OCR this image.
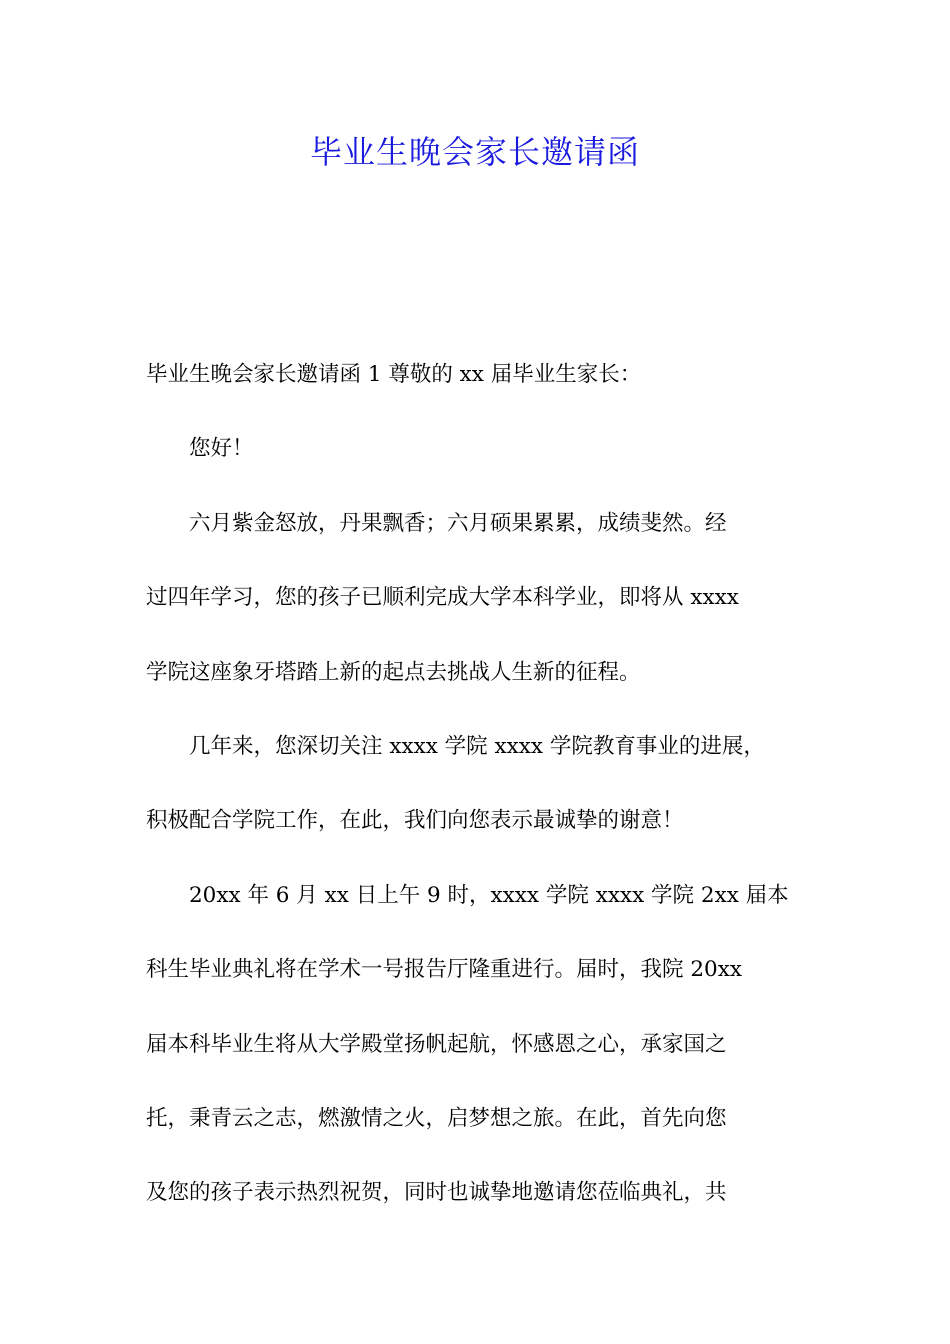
毕业生晚会家长邀请函

毕业生晚会家长邀请函 1 尊敬的 xx 届毕业生家长：

您好！

六月紫金怒放，丹果飘香；六月硕果累累，成绩斐然。经
过四年学习，您的孩子已顺利完成大学本科学业，即将从 xxxx
学院这座象牙塔踏上新的起点去挑战人生新的征程。

几年来，您深切关注 xxxx 学院 xxxx 学院教育事业的进展，
积极配合学院工作，在此，我们向您表示最诚挚的谢意！

20xx 年 6 月 xx 日上午 9 时，xxxx 学院 xxxx 学院 2xx 届本
科生毕业典礼将在学术一号报告厅隆重进行。届时，我院 20xx
届本科毕业生将从大学殿堂扬帆起航，怀感恩之心，承家国之
托，秉青云之志，燃激情之火，启梦想之旅。在此，首先向您
及您的孩子表示热烈祝贺，同时也诚挚地邀请您莅临典礼，共
